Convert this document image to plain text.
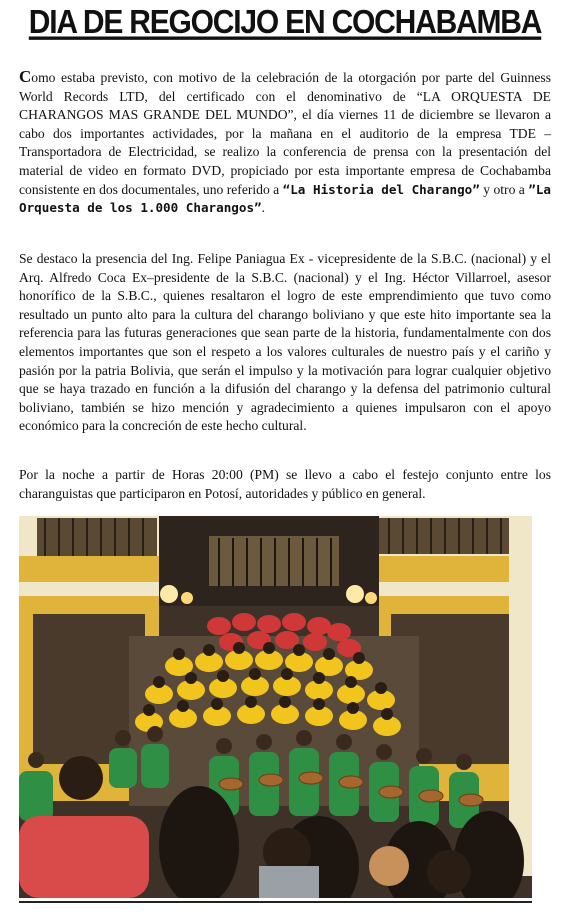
DIA DE REGOCIJO EN COCHABAMBA
Como estaba previsto, con motivo de la celebración de la otorgación por parte del Guinness World Records LTD, del certificado con el denominativo de “LA ORQUESTA DE CHARANGOS MAS GRANDE DEL MUNDO”, el día viernes 11 de diciembre se llevaron a cabo dos importantes actividades, por la mañana en el auditorio de la empresa TDE – Transportadora de Electricidad, se realizo la conferencia de prensa con la presentación del material de video en formato DVD, propiciado por esta importante empresa de Cochabamba consistente en dos documentales, uno referido a “La Historia del Charango” y otro a ”La Orquesta de los 1.000 Charangos”.
Se destaco la presencia del Ing. Felipe Paniagua Ex - vicepresidente de la S.B.C. (nacional) y el Arq. Alfredo Coca Ex–presidente de la S.B.C. (nacional) y el Ing. Héctor Villarroel, asesor honorífico de la S.B.C., quienes resaltaron el logro de este emprendimiento que tuvo como resultado un punto alto para la cultura del charango boliviano y que este hito importante sea la referencia para las futuras generaciones que sean parte de la historia, fundamentalmente con dos elementos importantes que son el respeto a los valores culturales de nuestro país y el cariño y pasión por la patria Bolivia, que serán el impulso y la motivación para lograr cualquier objetivo que se haya trazado en función a la difusión del charango y la defensa del patrimonio cultural boliviano, también se hizo mención y agradecimiento a quienes impulsaron con el apoyo económico para la concreción de este hecho cultural.
Por la noche a partir de Horas 20:00 (PM) se llevo a cabo el festejo conjunto entre los charanguistas que participaron en Potosí, autoridades y público en general.
